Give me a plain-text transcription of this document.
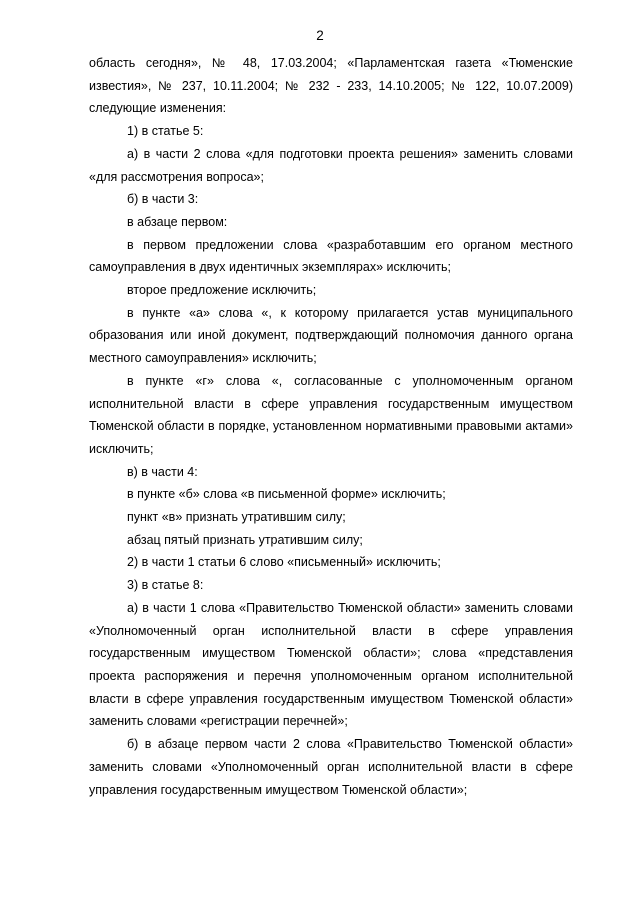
2

область сегодня», № 48, 17.03.2004; «Парламентская газета «Тюменские известия», № 237, 10.11.2004; № 232 - 233, 14.10.2005; № 122, 10.07.2009) следующие изменения:

1) в статье 5:

а) в части 2 слова «для подготовки проекта решения» заменить словами «для рассмотрения вопроса»;

б) в части 3:

в абзаце первом:

в первом предложении слова «разработавшим его органом местного самоуправления в двух идентичных экземплярах» исключить;

второе предложение исключить;

в пункте «а» слова «, к которому прилагается устав муниципального образования или иной документ, подтверждающий полномочия данного органа местного самоуправления» исключить;

в пункте «г» слова «, согласованные с уполномоченным органом исполнительной власти в сфере управления государственным имуществом Тюменской области в порядке, установленном нормативными правовыми актами» исключить;

в) в части 4:

в пункте «б» слова «в письменной форме» исключить;

пункт «в» признать утратившим силу;

абзац пятый признать утратившим силу;

2) в части 1 статьи 6 слово «письменный» исключить;

3) в статье 8:

а) в части 1 слова «Правительство Тюменской области» заменить словами «Уполномоченный орган исполнительной власти в сфере управления государственным имуществом Тюменской области»; слова «представления проекта распоряжения и перечня уполномоченным органом исполнительной власти в сфере управления государственным имуществом Тюменской области» заменить словами «регистрации перечней»;

б) в абзаце первом части 2 слова «Правительство Тюменской области» заменить словами «Уполномоченный орган исполнительной власти в сфере управления государственным имуществом Тюменской области»;
